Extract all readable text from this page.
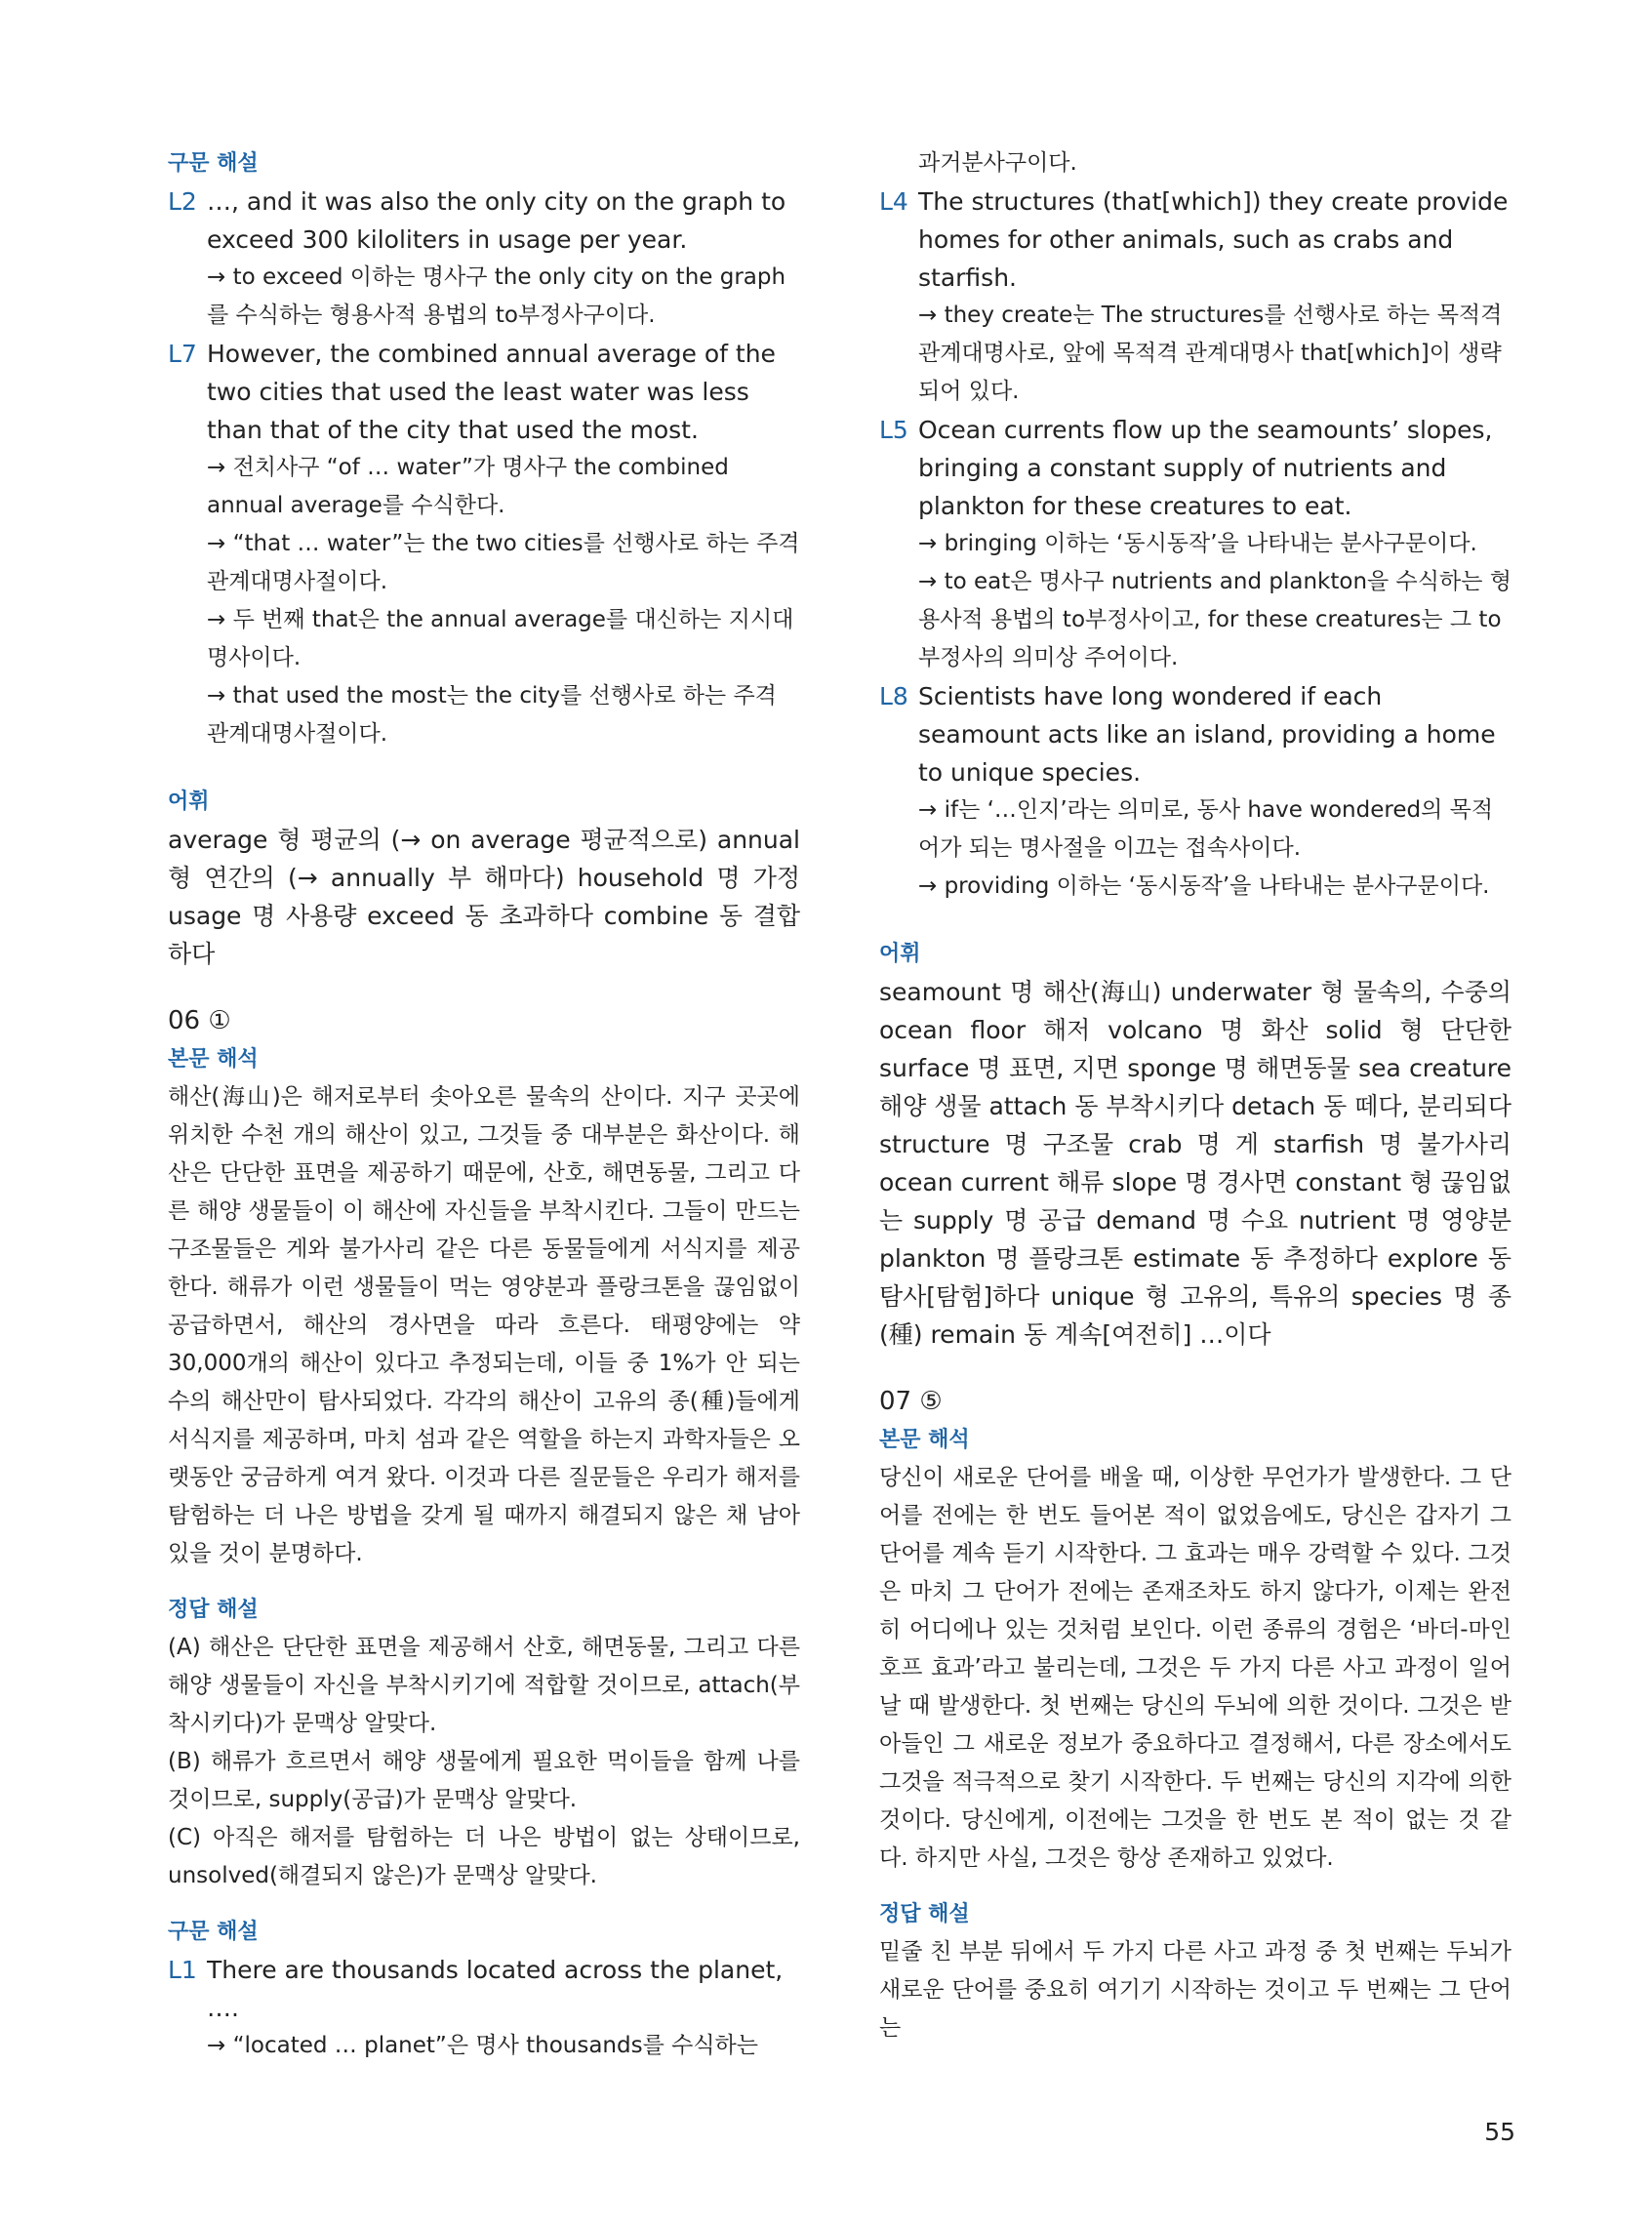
구문 해설

L2 …, and it was also the only city on the graph to exceed 300 kiloliters in usage per year.

→ to exceed 이하는 명사구 the only city on the graph를 수식하는 형용사적 용법의 to부정사구이다.

L7 However, the combined annual average of the two cities that used the least water was less than that of the city that used the most.

→ 전치사구 “of … water”가 명사구 the combined annual average를 수식한다.

→ “that … water”는 the two cities를 선행사로 하는 주격 관계대명사절이다.

→ 두 번째 that은 the annual average를 대신하는 지시대명사이다.

→ that used the most는 the city를 선행사로 하는 주격 관계대명사절이다.

어휘

average 형 평균의 (→ on average 평균적으로) annual 형 연간의 (→ annually 부 해마다) household 명 가정 usage 명 사용량 exceed 동 초과하다 combine 동 결합하다

06 ①

본문 해석

해산(海山)은 해저로부터 솟아오른 물속의 산이다. 지구 곳곳에 위치한 수천 개의 해산이 있고, 그것들 중 대부분은 화산이다. 해산은 단단한 표면을 제공하기 때문에, 산호, 해면동물, 그리고 다른 해양 생물들이 이 해산에 자신들을 부착시킨다. 그들이 만드는 구조물들은 게와 불가사리 같은 다른 동물들에게 서식지를 제공한다. 해류가 이런 생물들이 먹는 영양분과 플랑크톤을 끊임없이 공급하면서, 해산의 경사면을 따라 흐른다. 태평양에는 약 30,000개의 해산이 있다고 추정되는데, 이들 중 1%가 안 되는 수의 해산만이 탐사되었다. 각각의 해산이 고유의 종(種)들에게 서식지를 제공하며, 마치 섬과 같은 역할을 하는지 과학자들은 오랫동안 궁금하게 여겨 왔다. 이것과 다른 질문들은 우리가 해저를 탐험하는 더 나은 방법을 갖게 될 때까지 해결되지 않은 채 남아있을 것이 분명하다.

정답 해설

(A) 해산은 단단한 표면을 제공해서 산호, 해면동물, 그리고 다른 해양 생물들이 자신을 부착시키기에 적합할 것이므로, attach(부착시키다)가 문맥상 알맞다.

(B) 해류가 흐르면서 해양 생물에게 필요한 먹이들을 함께 나를 것이므로, supply(공급)가 문맥상 알맞다.

(C) 아직은 해저를 탐험하는 더 나은 방법이 없는 상태이므로, unsolved(해결되지 않은)가 문맥상 알맞다.

구문 해설

L1 There are thousands located across the planet, ….

→ “located … planet”은 명사 thousands를 수식하는

과거분사구이다.

L4 The structures (that[which]) they create provide homes for other animals, such as crabs and starfish.

→ they create는 The structures를 선행사로 하는 목적격 관계대명사로, 앞에 목적격 관계대명사 that[which]이 생략되어 있다.

L5 Ocean currents flow up the seamounts’ slopes, bringing a constant supply of nutrients and plankton for these creatures to eat.

→ bringing 이하는 ‘동시동작’을 나타내는 분사구문이다.

→ to eat은 명사구 nutrients and plankton을 수식하는 형용사적 용법의 to부정사이고, for these creatures는 그 to부정사의 의미상 주어이다.

L8 Scientists have long wondered if each seamount acts like an island, providing a home to unique species.

→ if는 ‘…인지’라는 의미로, 동사 have wondered의 목적어가 되는 명사절을 이끄는 접속사이다.

→ providing 이하는 ‘동시동작’을 나타내는 분사구문이다.

어휘

seamount 명 해산(海山) underwater 형 물속의, 수중의 ocean floor 해저 volcano 명 화산 solid 형 단단한 surface 명 표면, 지면 sponge 명 해면동물 sea creature 해양 생물 attach 동 부착시키다 detach 동 떼다, 분리되다 structure 명 구조물 crab 명 게 starfish 명 불가사리 ocean current 해류 slope 명 경사면 constant 형 끊임없는 supply 명 공급 demand 명 수요 nutrient 명 영양분 plankton 명 플랑크톤 estimate 동 추정하다 explore 동 탐사[탐험]하다 unique 형 고유의, 특유의 species 명 종(種) remain 동 계속[여전히] …이다

07 ⑤

본문 해석

당신이 새로운 단어를 배울 때, 이상한 무언가가 발생한다. 그 단어를 전에는 한 번도 들어본 적이 없었음에도, 당신은 갑자기 그 단어를 계속 듣기 시작한다. 그 효과는 매우 강력할 수 있다. 그것은 마치 그 단어가 전에는 존재조차도 하지 않다가, 이제는 완전히 어디에나 있는 것처럼 보인다. 이런 종류의 경험은 ‘바더-마인호프 효과’라고 불리는데, 그것은 두 가지 다른 사고 과정이 일어날 때 발생한다. 첫 번째는 당신의 두뇌에 의한 것이다. 그것은 받아들인 그 새로운 정보가 중요하다고 결정해서, 다른 장소에서도 그것을 적극적으로 찾기 시작한다. 두 번째는 당신의 지각에 의한 것이다. 당신에게, 이전에는 그것을 한 번도 본 적이 없는 것 같다. 하지만 사실, 그것은 항상 존재하고 있었다.

정답 해설

밑줄 친 부분 뒤에서 두 가지 다른 사고 과정 중 첫 번째는 두뇌가 새로운 단어를 중요히 여기기 시작하는 것이고 두 번째는 그 단어는

55
